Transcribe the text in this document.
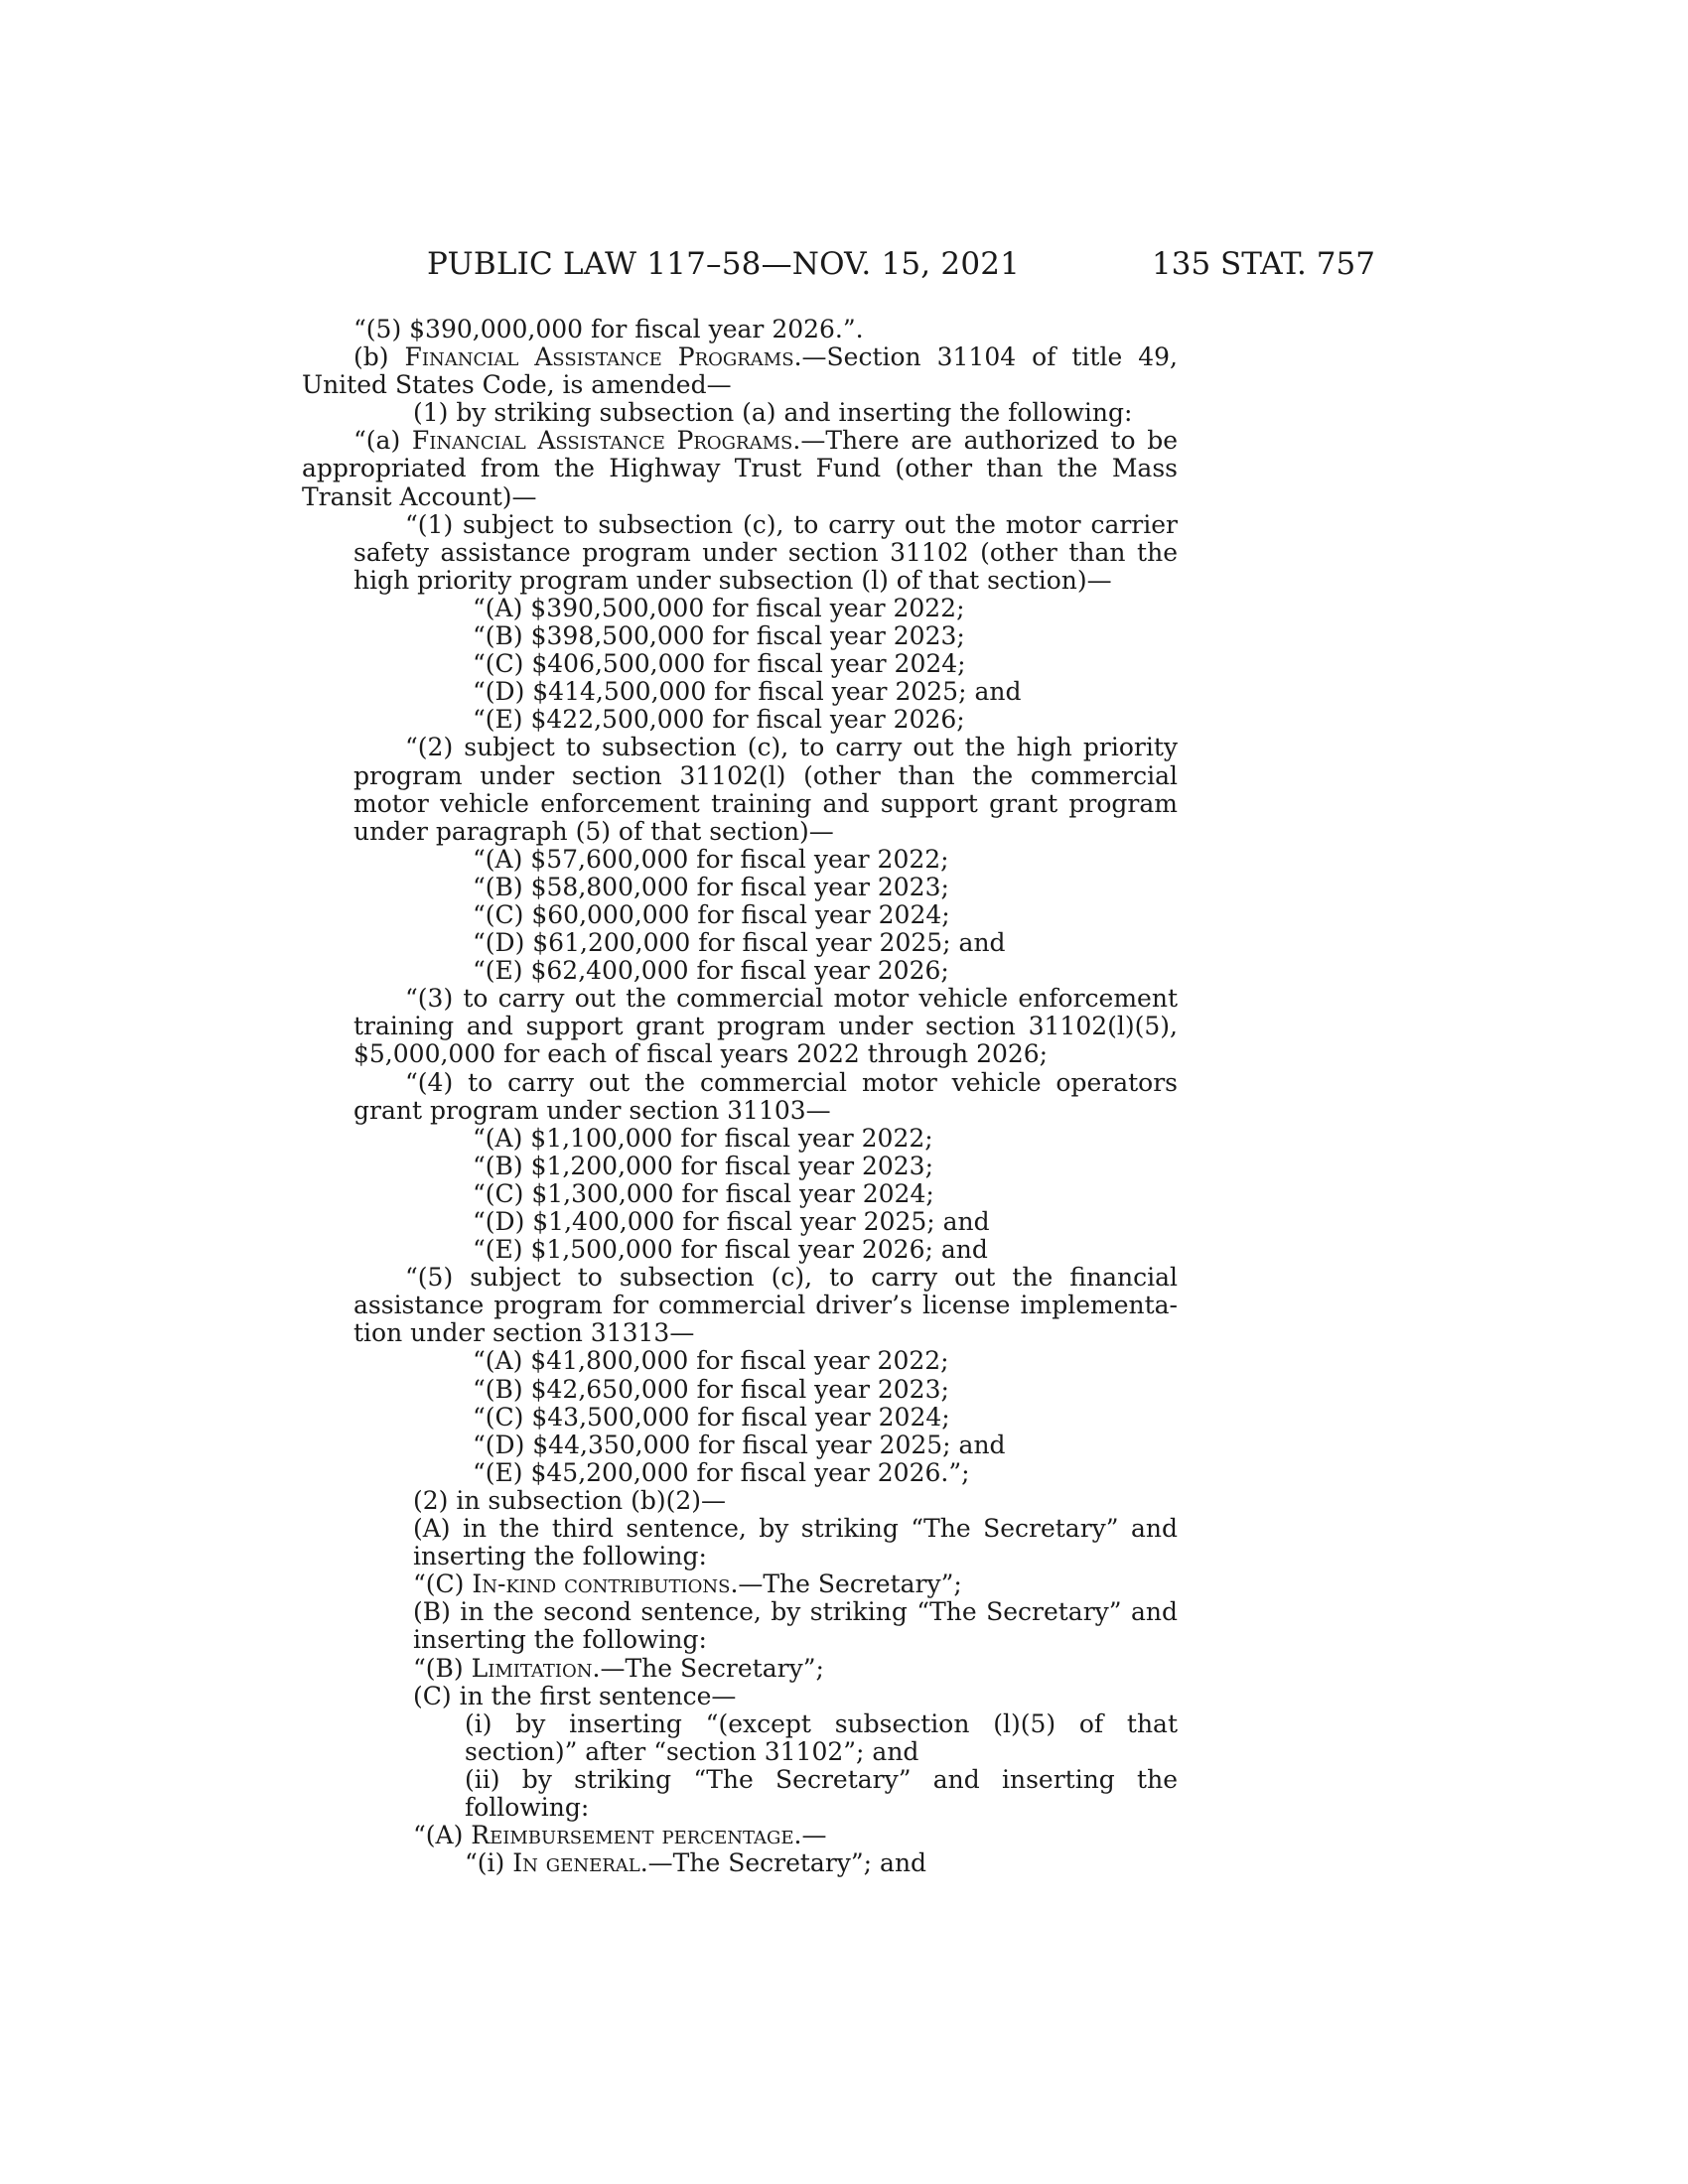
PUBLIC LAW 117–58—NOV. 15, 2021	135 STAT. 757
“(5) $390,000,000 for fiscal year 2026.”.
(b) Financial Assistance Programs.—Section 31104 of title 49, United States Code, is amended—
(1) by striking subsection (a) and inserting the following:
“(a) Financial Assistance Programs.—There are authorized to be appropriated from the Highway Trust Fund (other than the Mass Transit Account)—
“(1) subject to subsection (c), to carry out the motor carrier safety assistance program under section 31102 (other than the high priority program under subsection (l) of that section)—
“(A) $390,500,000 for fiscal year 2022;
“(B) $398,500,000 for fiscal year 2023;
“(C) $406,500,000 for fiscal year 2024;
“(D) $414,500,000 for fiscal year 2025; and
“(E) $422,500,000 for fiscal year 2026;
“(2) subject to subsection (c), to carry out the high priority program under section 31102(l) (other than the commercial motor vehicle enforcement training and support grant program under paragraph (5) of that section)—
“(A) $57,600,000 for fiscal year 2022;
“(B) $58,800,000 for fiscal year 2023;
“(C) $60,000,000 for fiscal year 2024;
“(D) $61,200,000 for fiscal year 2025; and
“(E) $62,400,000 for fiscal year 2026;
“(3) to carry out the commercial motor vehicle enforcement training and support grant program under section 31102(l)(5), $5,000,000 for each of fiscal years 2022 through 2026;
“(4) to carry out the commercial motor vehicle operators grant program under section 31103—
“(A) $1,100,000 for fiscal year 2022;
“(B) $1,200,000 for fiscal year 2023;
“(C) $1,300,000 for fiscal year 2024;
“(D) $1,400,000 for fiscal year 2025; and
“(E) $1,500,000 for fiscal year 2026; and
“(5) subject to subsection (c), to carry out the financial assistance program for commercial driver’s license implementa- tion under section 31313—
“(A) $41,800,000 for fiscal year 2022;
“(B) $42,650,000 for fiscal year 2023;
“(C) $43,500,000 for fiscal year 2024;
“(D) $44,350,000 for fiscal year 2025; and
“(E) $45,200,000 for fiscal year 2026.”;
(2) in subsection (b)(2)—
(A) in the third sentence, by striking “The Secretary” and inserting the following:
“(C) In-kind contributions.—The Secretary”;
(B) in the second sentence, by striking “The Secretary” and inserting the following:
“(B) Limitation.—The Secretary”;
(C) in the first sentence—
(i) by inserting “(except subsection (l)(5) of that section)” after “section 31102”; and
(ii) by striking “The Secretary” and inserting the following:
“(A) Reimbursement percentage.—
“(i) In general.—The Secretary”; and
